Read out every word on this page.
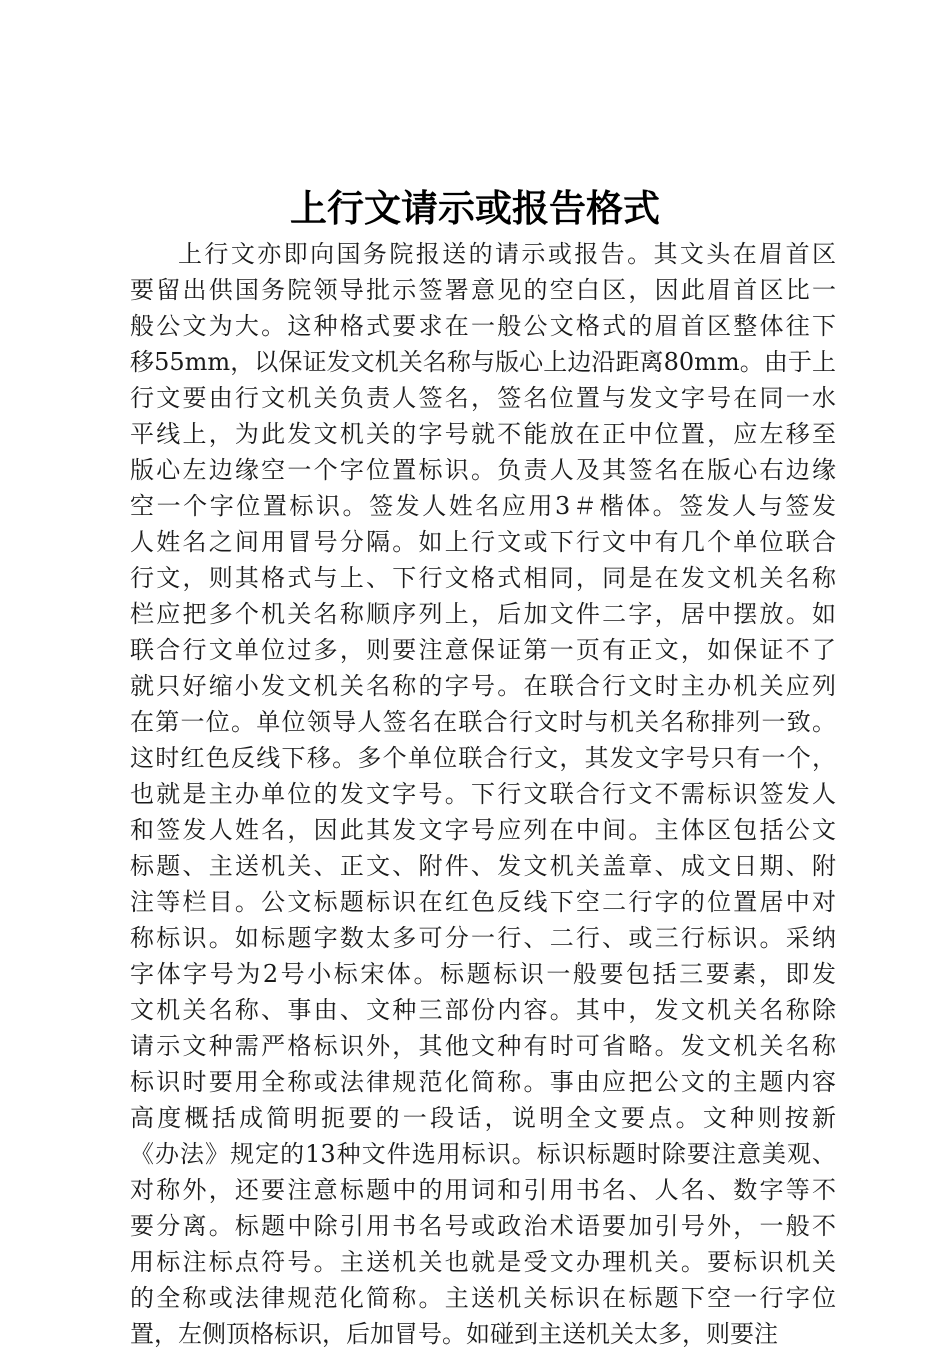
上行文请示或报告格式
上行文亦即向国务院报送的请示或报告。其文头在眉首区
要留出供国务院领导批示签署意见的空白区，因此眉首区比一
般公文为大。这种格式要求在一般公文格式的眉首区整体往下
移55mm，以保证发文机关名称与版心上边沿距离80mm。由于上
行文要由行文机关负责人签名，签名位置与发文字号在同一水
平线上，为此发文机关的字号就不能放在正中位置，应左移至
版心左边缘空一个字位置标识。负责人及其签名在版心右边缘
空一个字位置标识。签发人姓名应用3＃楷体。签发人与签发
人姓名之间用冒号分隔。如上行文或下行文中有几个单位联合
行文，则其格式与上、下行文格式相同，同是在发文机关名称
栏应把多个机关名称顺序列上，后加文件二字，居中摆放。如
联合行文单位过多，则要注意保证第一页有正文，如保证不了
就只好缩小发文机关名称的字号。在联合行文时主办机关应列
在第一位。单位领导人签名在联合行文时与机关名称排列一致。
这时红色反线下移。多个单位联合行文，其发文字号只有一个，
也就是主办单位的发文字号。下行文联合行文不需标识签发人
和签发人姓名，因此其发文字号应列在中间。主体区包括公文
标题、主送机关、正文、附件、发文机关盖章、成文日期、附
注等栏目。公文标题标识在红色反线下空二行字的位置居中对
称标识。如标题字数太多可分一行、二行、或三行标识。采纳
字体字号为2号小标宋体。标题标识一般要包括三要素，即发
文机关名称、事由、文种三部份内容。其中，发文机关名称除
请示文种需严格标识外，其他文种有时可省略。发文机关名称
标识时要用全称或法律规范化简称。事由应把公文的主题内容
高度概括成简明扼要的一段话，说明全文要点。文种则按新
《办法》规定的13种文件选用标识。标识标题时除要注意美观、
对称外，还要注意标题中的用词和引用书名、人名、数字等不
要分离。标题中除引用书名号或政治术语要加引号外，一般不
用标注标点符号。主送机关也就是受文办理机关。要标识机关
的全称或法律规范化简称。主送机关标识在标题下空一行字位
置，左侧顶格标识，后加冒号。如碰到主送机关太多，则要注
